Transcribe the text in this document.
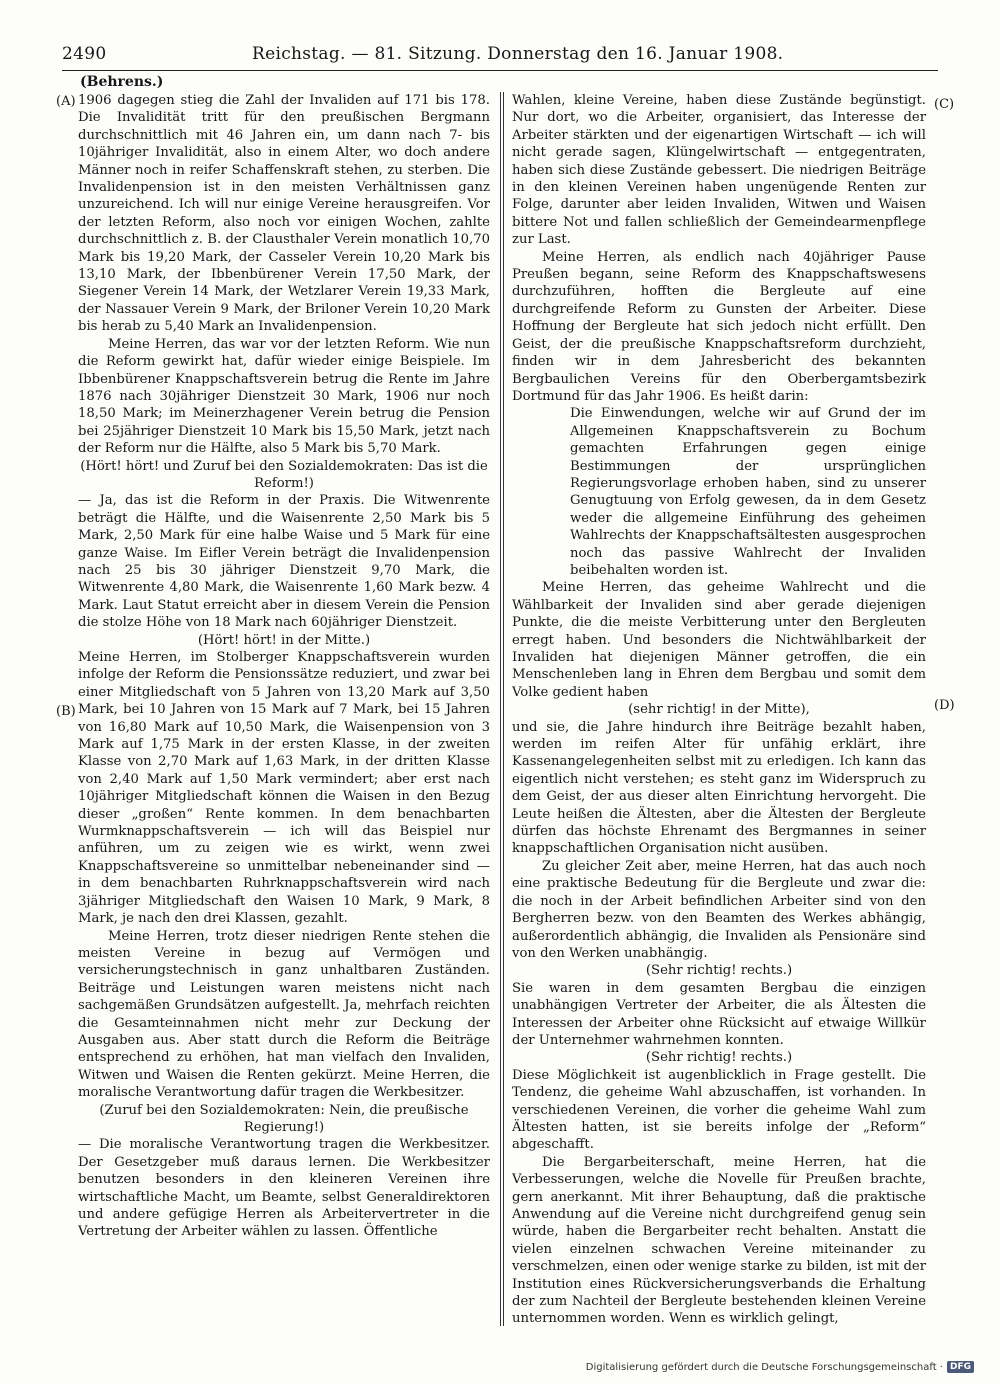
2490	Reichstag. — 81. Sitzung. Donnerstag den 16. Januar 1908.
(Behrens.)
(A)
(B)
(C)
(D)

1906 dagegen stieg die Zahl der Invaliden auf 171 bis 178. Die Invalidität tritt für den preußischen Bergmann durchschnittlich mit 46 Jahren ein, um dann nach 7- bis 10jähriger Invalidität, also in einem Alter, wo doch andere Männer noch in reifer Schaffenskraft stehen, zu sterben. Die Invalidenpension ist in den meisten Verhältnissen ganz unzureichend. Ich will nur einige Vereine herausgreifen. Vor der letzten Reform, also noch vor einigen Wochen, zahlte durchschnittlich z. B. der Clausthaler Verein monatlich 10,70 Mark bis 19,20 Mark, der Casseler Verein 10,20 Mark bis 13,10 Mark, der Ibbenbürener Verein 17,50 Mark, der Siegener Verein 14 Mark, der Wetzlarer Verein 19,33 Mark, der Nassauer Verein 9 Mark, der Briloner Verein 10,20 Mark bis herab zu 5,40 Mark an Invalidenpension.

Meine Herren, das war vor der letzten Reform. Wie nun die Reform gewirkt hat, dafür wieder einige Beispiele. Im Ibbenbürener Knappschaftsverein betrug die Rente im Jahre 1876 nach 30jähriger Dienstzeit 30 Mark, 1906 nur noch 18,50 Mark; im Meinerzhagener Verein betrug die Pension bei 25jähriger Dienstzeit 10 Mark bis 15,50 Mark, jetzt nach der Reform nur die Hälfte, also 5 Mark bis 5,70 Mark.

(Hört! hört! und Zuruf bei den Sozialdemokraten: Das ist die Reform!)

— Ja, das ist die Reform in der Praxis. Die Witwenrente beträgt die Hälfte, und die Waisenrente 2,50 Mark bis 5 Mark, 2,50 Mark für eine halbe Waise und 5 Mark für eine ganze Waise. Im Eifler Verein beträgt die Invalidenpension nach 25 bis 30 jähriger Dienstzeit 9,70 Mark, die Witwenrente 4,80 Mark, die Waisenrente 1,60 Mark bezw. 4 Mark. Laut Statut erreicht aber in diesem Verein die Pension die stolze Höhe von 18 Mark nach 60jähriger Dienstzeit.

(Hört! hört! in der Mitte.)

Meine Herren, im Stolberger Knappschaftsverein wurden infolge der Reform die Pensionssätze reduziert, und zwar bei einer Mitgliedschaft von 5 Jahren von 13,20 Mark auf 3,50 Mark, bei 10 Jahren von 15 Mark auf 7 Mark, bei 15 Jahren von 16,80 Mark auf 10,50 Mark, die Waisenpension von 3 Mark auf 1,75 Mark in der ersten Klasse, in der zweiten Klasse von 2,70 Mark auf 1,63 Mark, in der dritten Klasse von 2,40 Mark auf 1,50 Mark vermindert; aber erst nach 10jähriger Mitgliedschaft können die Waisen in den Bezug dieser „großen“ Rente kommen. In dem benachbarten Wurmknappschaftsverein — ich will das Beispiel nur anführen, um zu zeigen wie es wirkt, wenn zwei Knappschaftsvereine so unmittelbar nebeneinander sind — in dem benachbarten Ruhrknappschaftsverein wird nach 3jähriger Mitgliedschaft den Waisen 10 Mark, 9 Mark, 8 Mark, je nach den drei Klassen, gezahlt.

Meine Herren, trotz dieser niedrigen Rente stehen die meisten Vereine in bezug auf Vermögen und versicherungstechnisch in ganz unhaltbaren Zuständen. Beiträge und Leistungen waren meistens nicht nach sachgemäßen Grundsätzen aufgestellt. Ja, mehrfach reichten die Gesamteinnahmen nicht mehr zur Deckung der Ausgaben aus. Aber statt durch die Reform die Beiträge entsprechend zu erhöhen, hat man vielfach den Invaliden, Witwen und Waisen die Renten gekürzt. Meine Herren, die moralische Verantwortung dafür tragen die Werkbesitzer.

(Zuruf bei den Sozialdemokraten: Nein, die preußische Regierung!)

— Die moralische Verantwortung tragen die Werkbesitzer. Der Gesetzgeber muß daraus lernen. Die Werkbesitzer benutzen besonders in den kleineren Vereinen ihre wirtschaftliche Macht, um Beamte, selbst Generaldirektoren und andere gefügige Herren als Arbeitervertreter in die Vertretung der Arbeiter wählen zu lassen. Öffentliche

Wahlen, kleine Vereine, haben diese Zustände begünstigt. Nur dort, wo die Arbeiter, organisiert, das Interesse der Arbeiter stärkten und der eigenartigen Wirtschaft — ich will nicht gerade sagen, Klüngelwirtschaft — entgegentraten, haben sich diese Zustände gebessert. Die niedrigen Beiträge in den kleinen Vereinen haben ungenügende Renten zur Folge, darunter aber leiden Invaliden, Witwen und Waisen bittere Not und fallen schließlich der Gemeindearmenpflege zur Last.

Meine Herren, als endlich nach 40jähriger Pause Preußen begann, seine Reform des Knappschaftswesens durchzuführen, hofften die Bergleute auf eine durchgreifende Reform zu Gunsten der Arbeiter. Diese Hoffnung der Bergleute hat sich jedoch nicht erfüllt. Den Geist, der die preußische Knappschaftsreform durchzieht, finden wir in dem Jahresbericht des bekannten Bergbaulichen Vereins für den Oberbergamtsbezirk Dortmund für das Jahr 1906. Es heißt darin:

Die Einwendungen, welche wir auf Grund der im Allgemeinen Knappschaftsverein zu Bochum gemachten Erfahrungen gegen einige Bestimmungen der ursprünglichen Regierungsvorlage erhoben haben, sind zu unserer Genugtuung von Erfolg gewesen, da in dem Gesetz weder die allgemeine Einführung des geheimen Wahlrechts der Knappschaftsältesten ausgesprochen noch das passive Wahlrecht der Invaliden beibehalten worden ist.

Meine Herren, das geheime Wahlrecht und die Wählbarkeit der Invaliden sind aber gerade diejenigen Punkte, die die meiste Verbitterung unter den Bergleuten erregt haben. Und besonders die Nichtwählbarkeit der Invaliden hat diejenigen Männer getroffen, die ein Menschenleben lang in Ehren dem Bergbau und somit dem Volke gedient haben

(sehr richtig! in der Mitte),

und sie, die Jahre hindurch ihre Beiträge bezahlt haben, werden im reifen Alter für unfähig erklärt, ihre Kassenangelegenheiten selbst mit zu erledigen. Ich kann das eigentlich nicht verstehen; es steht ganz im Widerspruch zu dem Geist, der aus dieser alten Einrichtung hervorgeht. Die Leute heißen die Ältesten, aber die Ältesten der Bergleute dürfen das höchste Ehrenamt des Bergmannes in seiner knappschaftlichen Organisation nicht ausüben.

Zu gleicher Zeit aber, meine Herren, hat das auch noch eine praktische Bedeutung für die Bergleute und zwar die: die noch in der Arbeit befindlichen Arbeiter sind von den Bergherren bezw. von den Beamten des Werkes abhängig, außerordentlich abhängig, die Invaliden als Pensionäre sind von den Werken unabhängig.

(Sehr richtig! rechts.)

Sie waren in dem gesamten Bergbau die einzigen unabhängigen Vertreter der Arbeiter, die als Ältesten die Interessen der Arbeiter ohne Rücksicht auf etwaige Willkür der Unternehmer wahrnehmen konnten.

(Sehr richtig! rechts.)

Diese Möglichkeit ist augenblicklich in Frage gestellt. Die Tendenz, die geheime Wahl abzuschaffen, ist vorhanden. In verschiedenen Vereinen, die vorher die geheime Wahl zum Ältesten hatten, ist sie bereits infolge der „Reform“ abgeschafft.

Die Bergarbeiterschaft, meine Herren, hat die Verbesserungen, welche die Novelle für Preußen brachte, gern anerkannt. Mit ihrer Behauptung, daß die praktische Anwendung auf die Vereine nicht durchgreifend genug sein würde, haben die Bergarbeiter recht behalten. Anstatt die vielen einzelnen schwachen Vereine miteinander zu verschmelzen, einen oder wenige starke zu bilden, ist mit der Institution eines Rückversicherungsverbands die Erhaltung der zum Nachteil der Bergleute bestehenden kleinen Vereine unternommen worden. Wenn es wirklich gelingt,

Digitalisierung gefördert durch die Deutsche Forschungsgemeinschaft · DFG
